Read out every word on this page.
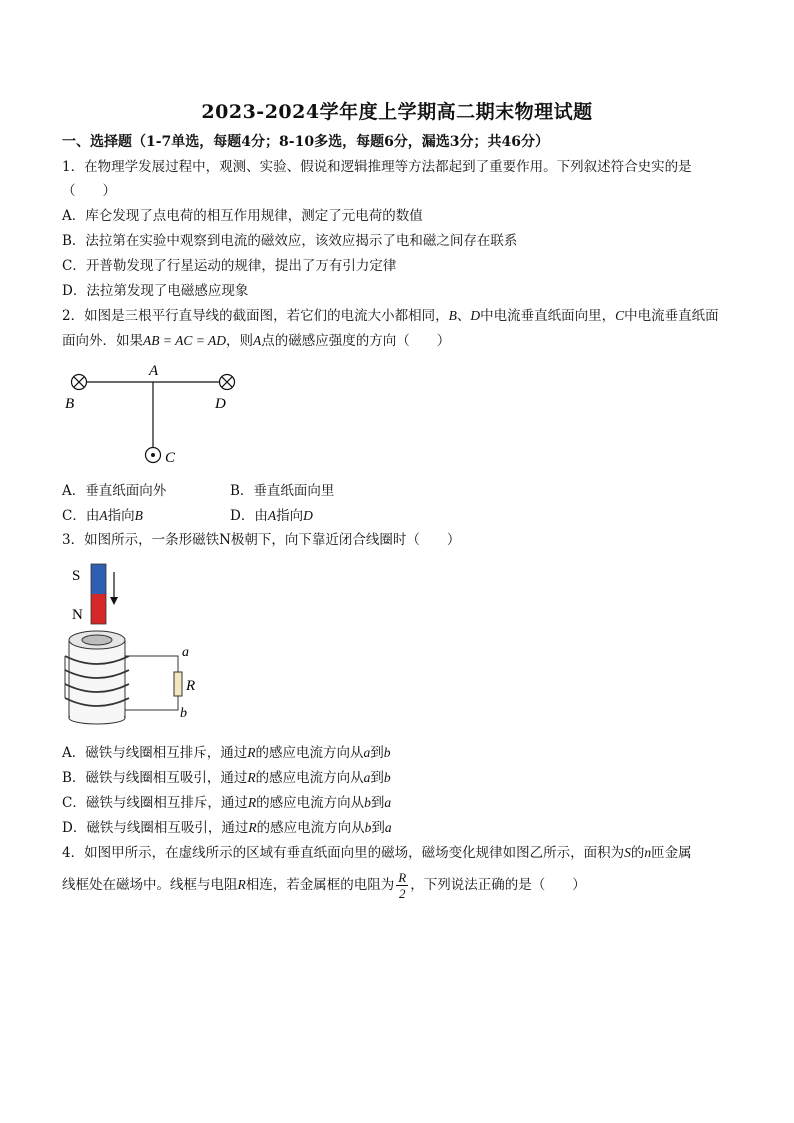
2023-2024学年度上学期高二期末物理试题
一、选择题（1-7单选，每题4分；8-10多选，每题6分，漏选3分；共46分）
1．在物理学发展过程中，观测、实验、假说和逻辑推理等方法都起到了重要作用。下列叙述符合史实的是
（　　）
A．库仑发现了点电荷的相互作用规律，测定了元电荷的数值
B．法拉第在实验中观察到电流的磁效应，该效应揭示了电和磁之间存在联系
C．开普勒发现了行星运动的规律，提出了万有引力定律
D．法拉第发现了电磁感应现象
2．如图是三根平行直导线的截面图，若它们的电流大小都相同，B、D中电流垂直纸面向里，C中电流垂直纸面
面向外．如果AB = AC = AD，则A点的磁感应强度的方向（　　）
A
B	D
C
A．垂直纸面向外	B．垂直纸面向里
C．由A指向B	D．由A指向D
3．如图所示，一条形磁铁N极朝下，向下靠近闭合线圈时（　　）
S
N
a
R
b
A．磁铁与线圈相互排斥，通过R的感应电流方向从a到b
B．磁铁与线圈相互吸引，通过R的感应电流方向从a到b
C．磁铁与线圈相互排斥，通过R的感应电流方向从b到a
D．磁铁与线圈相互吸引，通过R的感应电流方向从b到a
4．如图甲所示，在虚线所示的区域有垂直纸面向里的磁场，磁场变化规律如图乙所示，面积为S的n匝金属
线框处在磁场中。线框与电阻R相连，若金属框的电阻为 $\frac{R}{2}$ ，下列说法正确的是（　　）
